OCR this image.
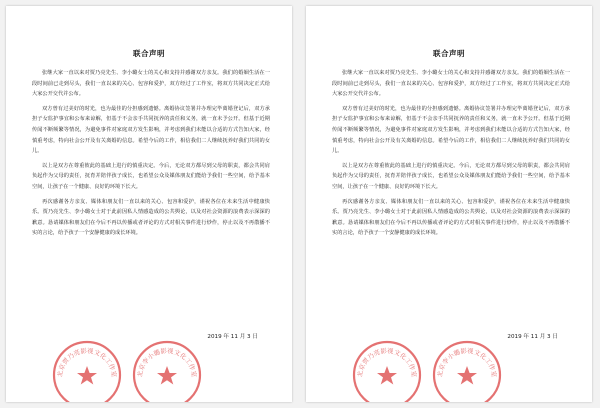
联合声明

张继大家一直以来对贾乃亮先生、李小璐女士的关心和支持并感谢双方亲友。我们的婚姻生活在一段时间前已走到尽头，我们一直以来的关心、包容和爱护，双方经过了工作室，将双方共同决定正式给大家公开交代并公布。

双方曾有过美好的时光，也为最佳的分担感到遗憾。离婚协议签署并办理完毕离婚登记后，双方承担子女监护事宜和公布来谅解，但基于不会亲手共同抚养的责任和义务，就一直未予公开。但基于近期传闻不断频繁等情况，为避免事件对家庭双方发生影响，并考虑到我们未能以合适的方式告知大家，经慎重考虑，特向社会公开及有关离婚的信息。希望今后的工作，相信我们二人继续抚养好我们共同的女儿。

以上是双方在尊重彼此的基础上进行的慎重决定。今后，无论双方都尽到父母的职责，都会共同肩负起作为父母的责任，抚育并陪伴孩子成长，也希望公众及媒体朋友们能给予我们一些空间，给予基本空间，让孩子在一个健康、良好的环境下长大。

再次感谢各方亲友、媒体和朋友们一直以来的关心、包容和爱护，谨祝各位在未来生活中健康快乐。贾乃亮先生、李小璐女士对于此前因私人情感造成的公共舆论，以及对社会资源的浪费表示深深的歉意。恳请媒体和朋友们在今后不再以传播或者评论的方式对相关事件进行炒作，停止以及不再散播不实的言论，给予孩子一个安静健康的成长环境。

2019 年 11 月 3 日
北京贾乃亮影视文化工作室	北京李小璐影视文化工作室
联合声明

张继大家一直以来对贾乃亮先生、李小璐女士的关心和支持并感谢双方亲友。我们的婚姻生活在一段时间前已走到尽头，我们一直以来的关心、包容和爱护，双方经过了工作室，将双方共同决定正式给大家公开交代并公布。

双方曾有过美好的时光，也为最佳的分担感到遗憾。离婚协议签署并办理完毕离婚登记后，双方承担子女监护事宜和公布来谅解，但基于不会亲手共同抚养的责任和义务，就一直未予公开。但基于近期传闻不断频繁等情况，为避免事件对家庭双方发生影响，并考虑到我们未能以合适的方式告知大家，经慎重考虑，特向社会公开及有关离婚的信息。希望今后的工作，相信我们二人继续抚养好我们共同的女儿。

以上是双方在尊重彼此的基础上进行的慎重决定。今后，无论双方都尽到父母的职责，都会共同肩负起作为父母的责任，抚育并陪伴孩子成长，也希望公众及媒体朋友们能给予我们一些空间，给予基本空间，让孩子在一个健康、良好的环境下长大。

再次感谢各方亲友、媒体和朋友们一直以来的关心、包容和爱护，谨祝各位在未来生活中健康快乐。贾乃亮先生、李小璐女士对于此前因私人情感造成的公共舆论，以及对社会资源的浪费表示深深的歉意。恳请媒体和朋友们在今后不再以传播或者评论的方式对相关事件进行炒作，停止以及不再散播不实的言论，给予孩子一个安静健康的成长环境。

2019 年 11 月 3 日
北京贾乃亮影视文化工作室	北京李小璐影视文化工作室
